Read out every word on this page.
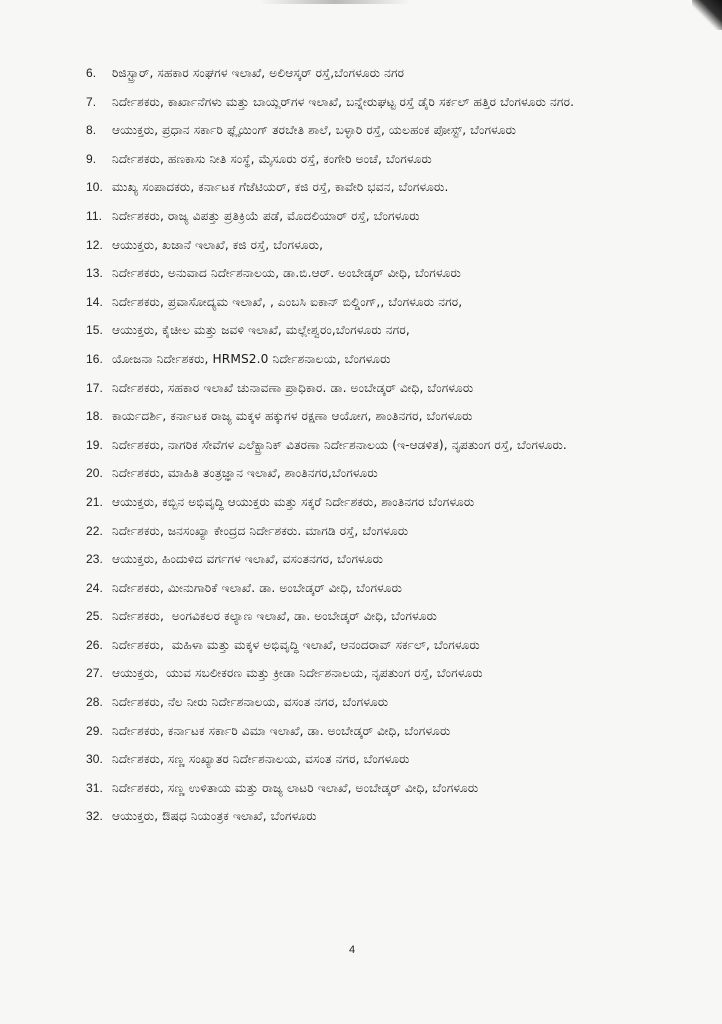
6.	ರಿಜಿಸ್ಟ್ರಾರ್, ಸಹಕಾರ ಸಂಘಗಳ ಇಲಾಖೆ, ಅಲಿಆಸ್ಕರ್ ರಸ್ತೆ,ಬೆಂಗಳೂರು ನಗರ
7.	ನಿರ್ದೇಶಕರು, ಕಾರ್ಖಾನೆಗಳು ಮತ್ತು ಬಾಯ್ಲರ್‌ಗಳ ಇಲಾಖೆ, ಬನ್ನೇರುಘಟ್ಟ ರಸ್ತೆ ಡೈರಿ ಸರ್ಕಲ್ ಹತ್ತಿರ ಬೆಂಗಳೂರು ನಗರ.
8.	ಆಯುಕ್ತರು, ಪ್ರಧಾನ ಸರ್ಕಾರಿ ಫ್ಲೈಯಿಂಗ್ ತರಬೇತಿ ಶಾಲೆ, ಬಳ್ಳಾರಿ ರಸ್ತೆ, ಯಲಹಂಕ ಪೋಸ್ಟ್, ಬೆಂಗಳೂರು
9.	ನಿರ್ದೇಶಕರು, ಹಣಕಾಸು ನೀತಿ ಸಂಸ್ಥೆ, ಮೈಸೂರು ರಸ್ತೆ, ಕಂಗೇರಿ ಅಂಚೆ, ಬೆಂಗಳೂರು
10. ಮುಖ್ಯ ಸಂಪಾದಕರು, ಕರ್ನಾಟಕ ಗೆಜೆಟಿಯರ್, ಕಜಿ ರಸ್ತೆ, ಕಾವೇರಿ ಭವನ, ಬೆಂಗಳೂರು.
11. ನಿರ್ದೇಶಕರು, ರಾಜ್ಯ ವಿಪತ್ತು ಪ್ರತಿಕ್ರಿಯೆ ಪಡೆ, ಮೊದಲಿಯಾರ್ ರಸ್ತೆ, ಬೆಂಗಳೂರು
12. ಆಯುಕ್ತರು, ಖಜಾನೆ ಇಲಾಖೆ, ಕಜಿ ರಸ್ತೆ, ಬೆಂಗಳೂರು,
13. ನಿರ್ದೇಶಕರು, ಅನುವಾದ ನಿರ್ದೇಶನಾಲಯ, ಡಾ.ಬಿ.ಆರ್. ಅಂಬೇಡ್ಕರ್ ವೀಧಿ, ಬೆಂಗಳೂರು
14. ನಿರ್ದೇಶಕರು, ಪ್ರವಾಸೋದ್ಯಮ ಇಲಾಖೆ, , ಎಂಬಸಿ ಐಕಾನ್ ಬಿಲ್ಡಿಂಗ್,, ಬೆಂಗಳೂರು ನಗರ,
15. ಆಯುಕ್ತರು, ಕೈಚೀಲ ಮತ್ತು ಜವಳಿ ಇಲಾಖೆ, ಮಲ್ಲೇಶ್ವರಂ,ಬೆಂಗಳೂರು ನಗರ,
16. ಯೋಜನಾ ನಿರ್ದೇಶಕರು, HRMS2.0 ನಿರ್ದೇಶನಾಲಯ, ಬೆಂಗಳೂರು
17. ನಿರ್ದೇಶಕರು, ಸಹಕಾರ ಇಲಾಖೆ ಚುನಾವಣಾ ಪ್ರಾಧಿಕಾರ. ಡಾ. ಅಂಬೇಡ್ಕರ್ ವೀಧಿ, ಬೆಂಗಳೂರು
18. ಕಾರ್ಯದರ್ಶಿ, ಕರ್ನಾಟಕ ರಾಜ್ಯ ಮಕ್ಕಳ ಹಕ್ಕುಗಳ ರಕ್ಷಣಾ ಆಯೋಗ, ಶಾಂತಿನಗರ, ಬೆಂಗಳೂರು
19. ನಿರ್ದೇಶಕರು, ನಾಗರಿಕ ಸೇವೆಗಳ ಎಲೆಕ್ಟ್ರಾನಿಕ್ ವಿತರಣಾ ನಿರ್ದೇಶನಾಲಯ (ಇ-ಆಡಳಿತ), ನೃಪತುಂಗ ರಸ್ತೆ, ಬೆಂಗಳೂರು.
20. ನಿರ್ದೇಶಕರು, ಮಾಹಿತಿ ತಂತ್ರಜ್ಞಾನ ಇಲಾಖೆ, ಶಾಂತಿನಗರ,ಬೆಂಗಳೂರು
21. ಆಯುಕ್ತರು, ಕಬ್ಬಿನ ಅಭಿವೃದ್ಧಿ ಆಯುಕ್ತರು ಮತ್ತು ಸಕ್ಕರೆ ನಿರ್ದೇಶಕರು, ಶಾಂತಿನಗರ ಬೆಂಗಳೂರು
22. ನಿರ್ದೇಶಕರು, ಜನಸಂಖ್ಯಾ ಕೇಂದ್ರದ ನಿರ್ದೇಶಕರು. ಮಾಗಡಿ ರಸ್ತೆ, ಬೆಂಗಳೂರು
23. ಆಯುಕ್ತರು, ಹಿಂದುಳಿದ ವರ್ಗಗಳ ಇಲಾಖೆ, ವಸಂತನಗರ, ಬೆಂಗಳೂರು
24. ನಿರ್ದೇಶಕರು, ಮೀನುಗಾರಿಕೆ ಇಲಾಖೆ. ಡಾ. ಅಂಬೇಡ್ಕರ್ ವೀಧಿ, ಬೆಂಗಳೂರು
25. ನಿರ್ದೇಶಕರು,  ಅಂಗವಿಕಲರ ಕಲ್ಯಾಣ ಇಲಾಖೆ, ಡಾ. ಅಂಬೇಡ್ಕರ್ ವೀಧಿ, ಬೆಂಗಳೂರು
26. ನಿರ್ದೇಶಕರು,  ಮಹಿಳಾ ಮತ್ತು ಮಕ್ಕಳ ಅಭಿವೃದ್ಧಿ ಇಲಾಖೆ, ಆನಂದರಾವ್ ಸರ್ಕಲ್, ಬೆಂಗಳೂರು
27. ಆಯುಕ್ತರು,  ಯುವ ಸಬಲೀಕರಣ ಮತ್ತು ಕ್ರೀಡಾ ನಿರ್ದೇಶನಾಲಯ, ನೃಪತುಂಗ ರಸ್ತೆ, ಬೆಂಗಳೂರು
28. ನಿರ್ದೇಶಕರು, ನೆಲ ನೀರು ನಿರ್ದೇಶನಾಲಯ, ವಸಂತ ನಗರ, ಬೆಂಗಳೂರು
29. ನಿರ್ದೇಶಕರು, ಕರ್ನಾಟಕ ಸರ್ಕಾರಿ ವಿಮಾ ಇಲಾಖೆ, ಡಾ. ಅಂಬೇಡ್ಕರ್ ವೀಧಿ, ಬೆಂಗಳೂರು
30. ನಿರ್ದೇಶಕರು, ಸಣ್ಣ ಸಂಖ್ಯಾತರ ನಿರ್ದೇಶನಾಲಯ, ವಸಂತ ನಗರ, ಬೆಂಗಳೂರು
31. ನಿರ್ದೇಶಕರು, ಸಣ್ಣ ಉಳಿತಾಯ ಮತ್ತು ರಾಜ್ಯ ಲಾಟರಿ ಇಲಾಖೆ, ಅಂಬೇಡ್ಕರ್ ವೀಧಿ, ಬೆಂಗಳೂರು
32. ಆಯುಕ್ತರು, ಔಷಧ ನಿಯಂತ್ರಕ ಇಲಾಖೆ, ಬೆಂಗಳೂರು
4
